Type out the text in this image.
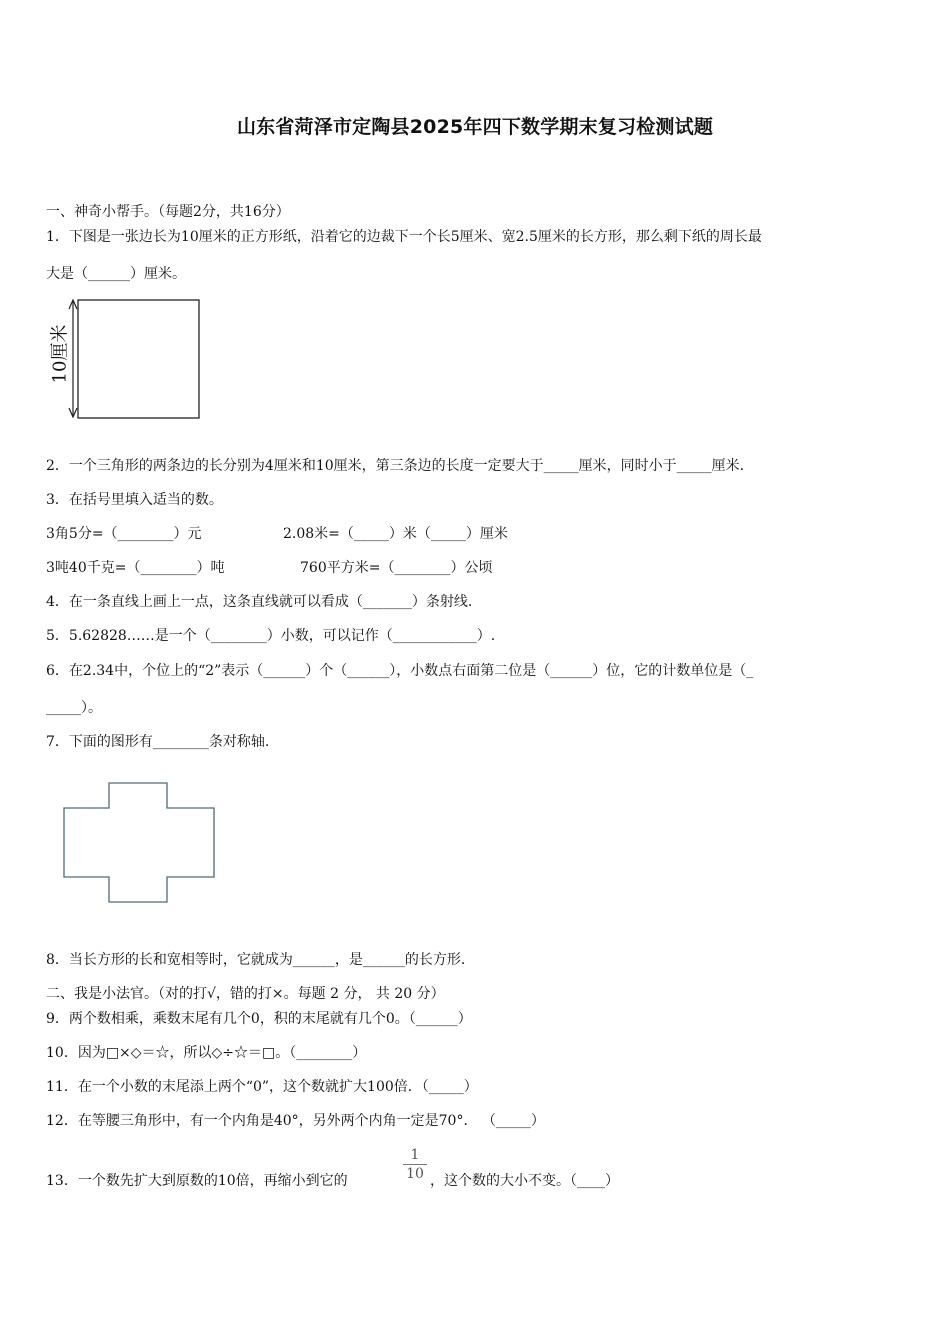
山东省菏泽市定陶县2025年四下数学期末复习检测试题
一、神奇小帮手。（每题2分，共16分）
1．下图是一张边长为10厘米的正方形纸，沿着它的边裁下一个长5厘米、宽2.5厘米的长方形，那么剩下纸的周长最
大是（______）厘米。
10厘米
2．一个三角形的两条边的长分别为4厘米和10厘米，第三条边的长度一定要大于_____厘米，同时小于_____厘米.
3．在括号里填入适当的数。
3角5分=（________）元	2.08米=（_____）米（_____）厘米
3吨40千克=（________）吨	760平方米=（________）公顷
4．在一条直线上画上一点，这条直线就可以看成（_______）条射线.
5．5.62828……是一个（________）小数，可以记作（____________）.
6．在2.34中，个位上的“2”表示（______）个（______），小数点右面第二位是（______）位，它的计数单位是（_
_____）。
7．下面的图形有________条对称轴.
8．当长方形的长和宽相等时，它就成为______，是______的长方形.
二、我是小法官。（对的打√，错的打×。每题 2 分， 共 20 分）
9．两个数相乘，乘数末尾有几个0，积的末尾就有几个0。（______）
10．因为□×◇＝☆，所以◇÷☆＝□。（________）
11．在一个小数的末尾添上两个“0”，这个数就扩大100倍．（_____）
12．在等腰三角形中，有一个内角是40°，另外两个内角一定是70°． （_____）
13．一个数先扩大到原数的10倍，再缩小到它的	$\frac{1}{10}$ ，这个数的大小不变。（____）
